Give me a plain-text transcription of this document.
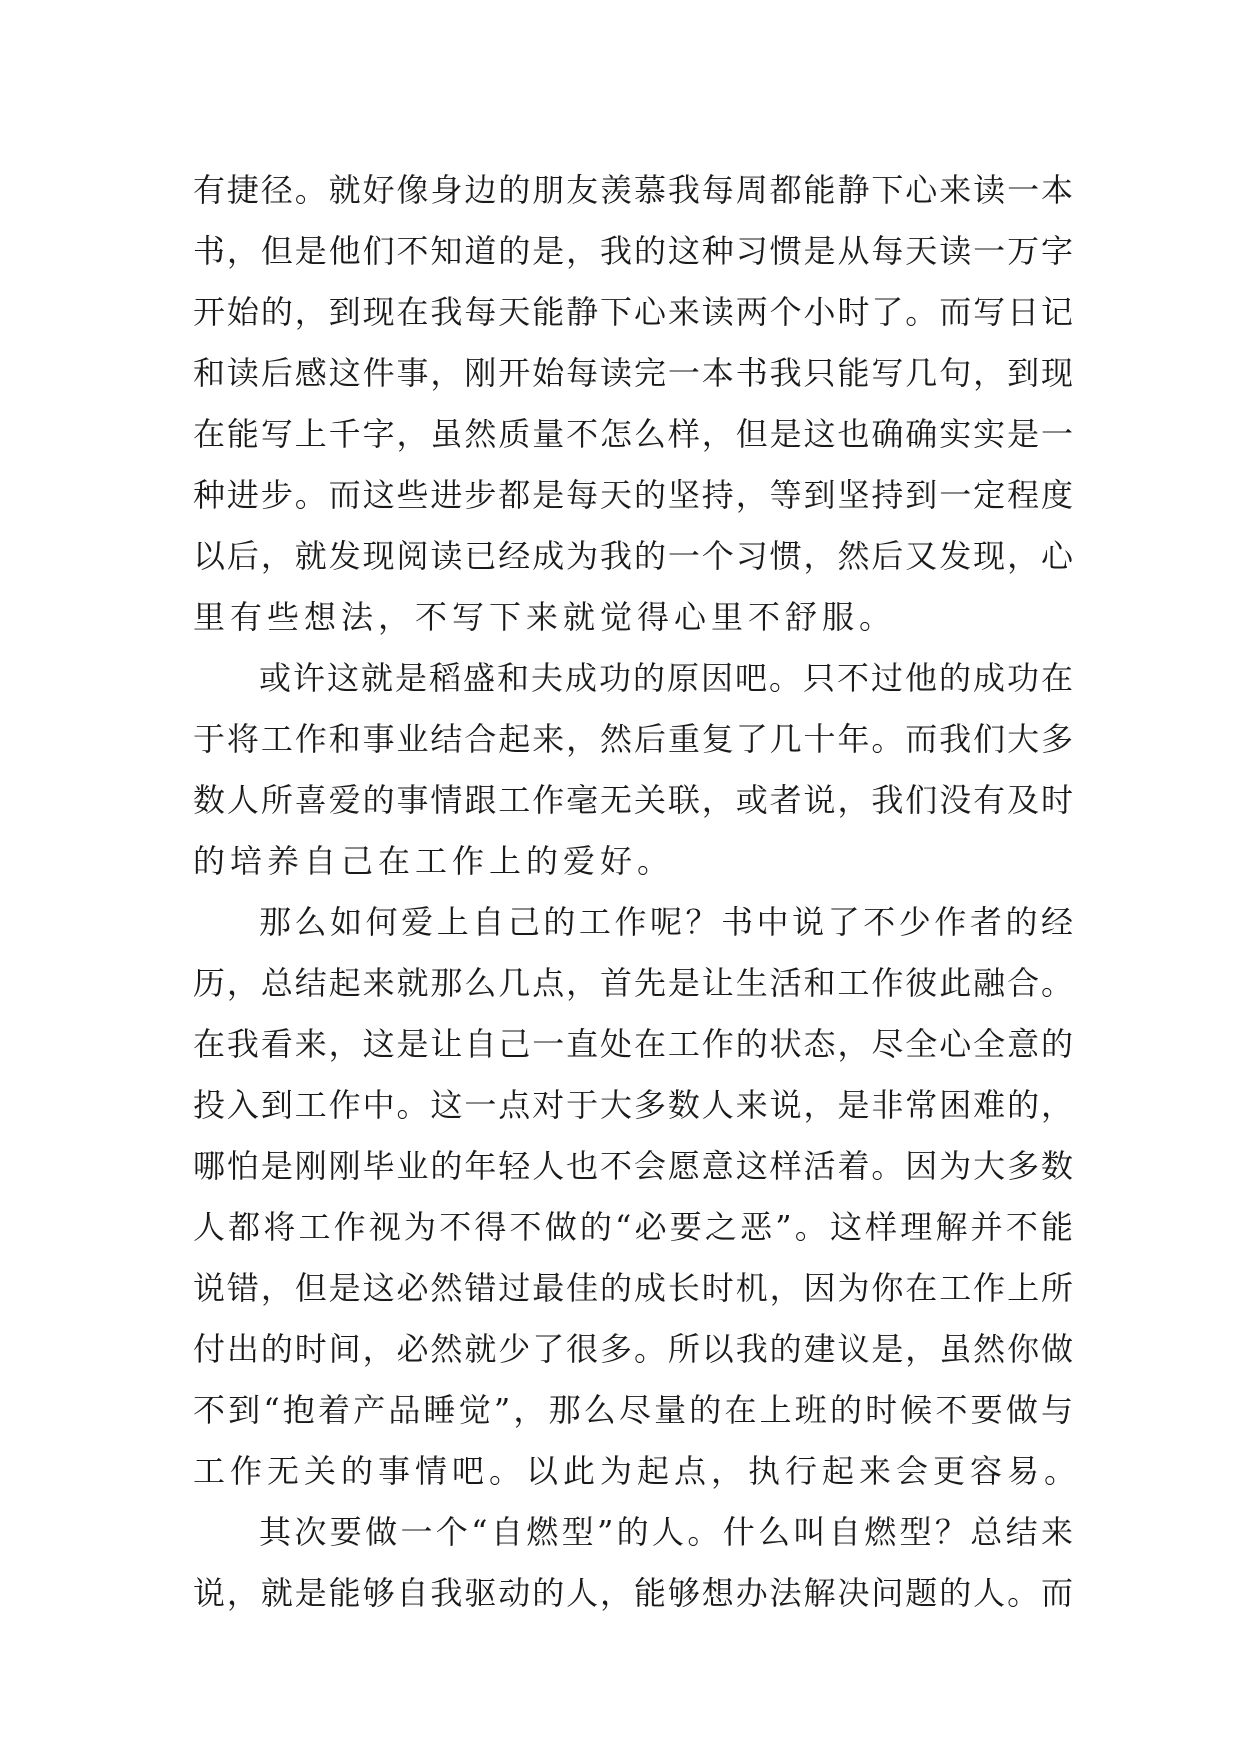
有捷径。就好像身边的朋友羡慕我每周都能静下心来读一本
书，但是他们不知道的是，我的这种习惯是从每天读一万字
开始的，到现在我每天能静下心来读两个小时了。而写日记
和读后感这件事，刚开始每读完一本书我只能写几句，到现
在能写上千字，虽然质量不怎么样，但是这也确确实实是一
种进步。而这些进步都是每天的坚持，等到坚持到一定程度
以后，就发现阅读已经成为我的一个习惯，然后又发现，心
里有些想法，不写下来就觉得心里不舒服。
或许这就是稻盛和夫成功的原因吧。只不过他的成功在
于将工作和事业结合起来，然后重复了几十年。而我们大多
数人所喜爱的事情跟工作毫无关联，或者说，我们没有及时
的培养自己在工作上的爱好。
那么如何爱上自己的工作呢？书中说了不少作者的经
历，总结起来就那么几点，首先是让生活和工作彼此融合。
在我看来，这是让自己一直处在工作的状态，尽全心全意的
投入到工作中。这一点对于大多数人来说，是非常困难的，
哪怕是刚刚毕业的年轻人也不会愿意这样活着。因为大多数
人都将工作视为不得不做的“必要之恶”。这样理解并不能
说错，但是这必然错过最佳的成长时机，因为你在工作上所
付出的时间，必然就少了很多。所以我的建议是，虽然你做
不到“抱着产品睡觉”，那么尽量的在上班的时候不要做与
工作无关的事情吧。以此为起点，执行起来会更容易。
其次要做一个“自燃型”的人。什么叫自燃型？总结来
说，就是能够自我驱动的人，能够想办法解决问题的人。而
